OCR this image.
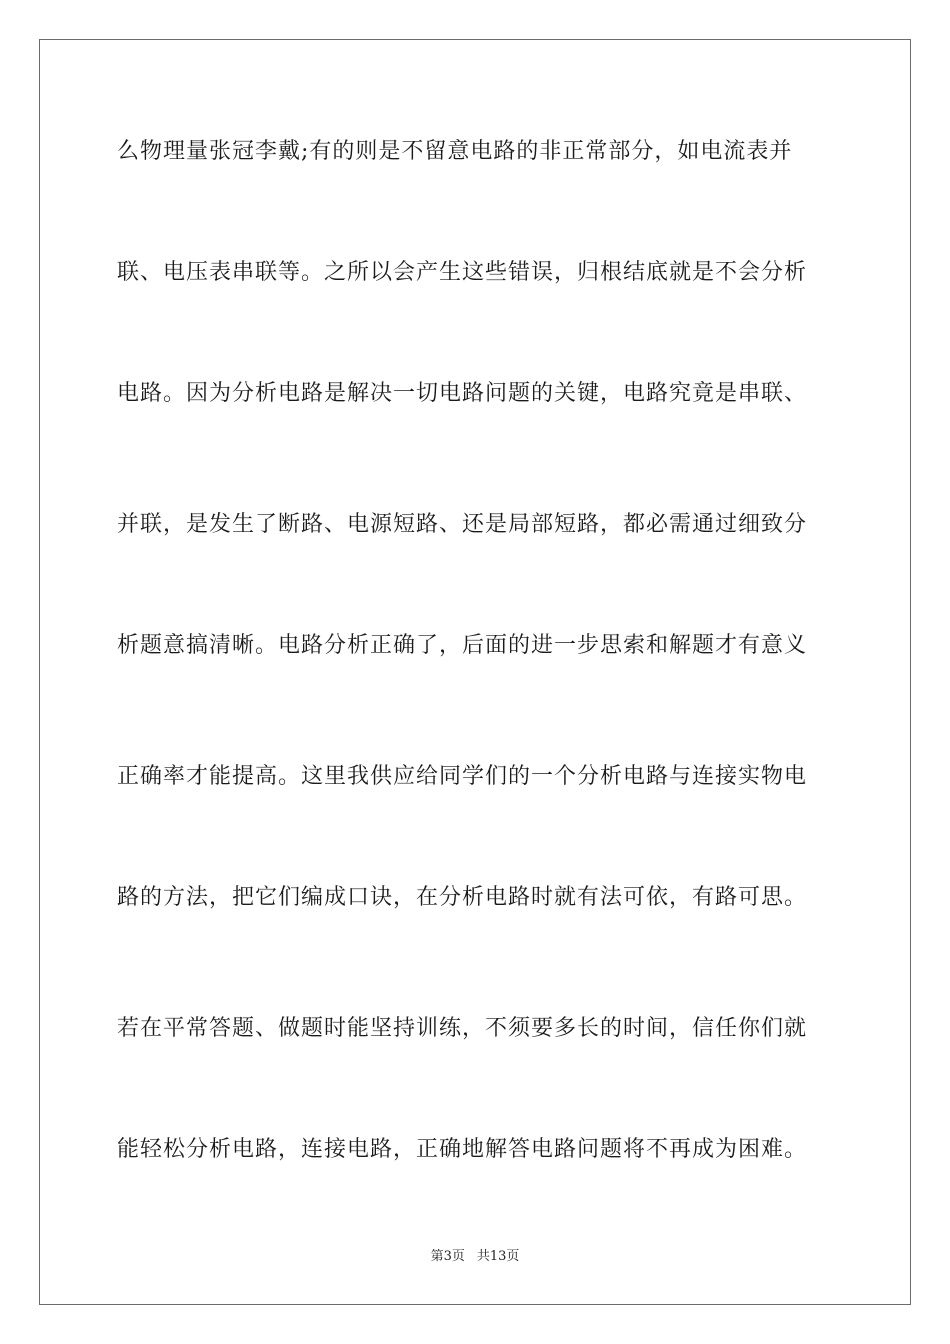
么物理量张冠李戴;有的则是不留意电路的非正常部分，如电流表并
联、电压表串联等。之所以会产生这些错误，归根结底就是不会分析
电路。因为分析电路是解决一切电路问题的关键，电路究竟是串联、
并联，是发生了断路、电源短路、还是局部短路，都必需通过细致分
析题意搞清晰。电路分析正确了，后面的进一步思索和解题才有意义
正确率才能提高。这里我供应给同学们的一个分析电路与连接实物电
路的方法，把它们编成口诀，在分析电路时就有法可依，有路可思。
若在平常答题、做题时能坚持训练，不须要多长的时间，信任你们就
能轻松分析电路，连接电路，正确地解答电路问题将不再成为困难。
第3页 共13页
